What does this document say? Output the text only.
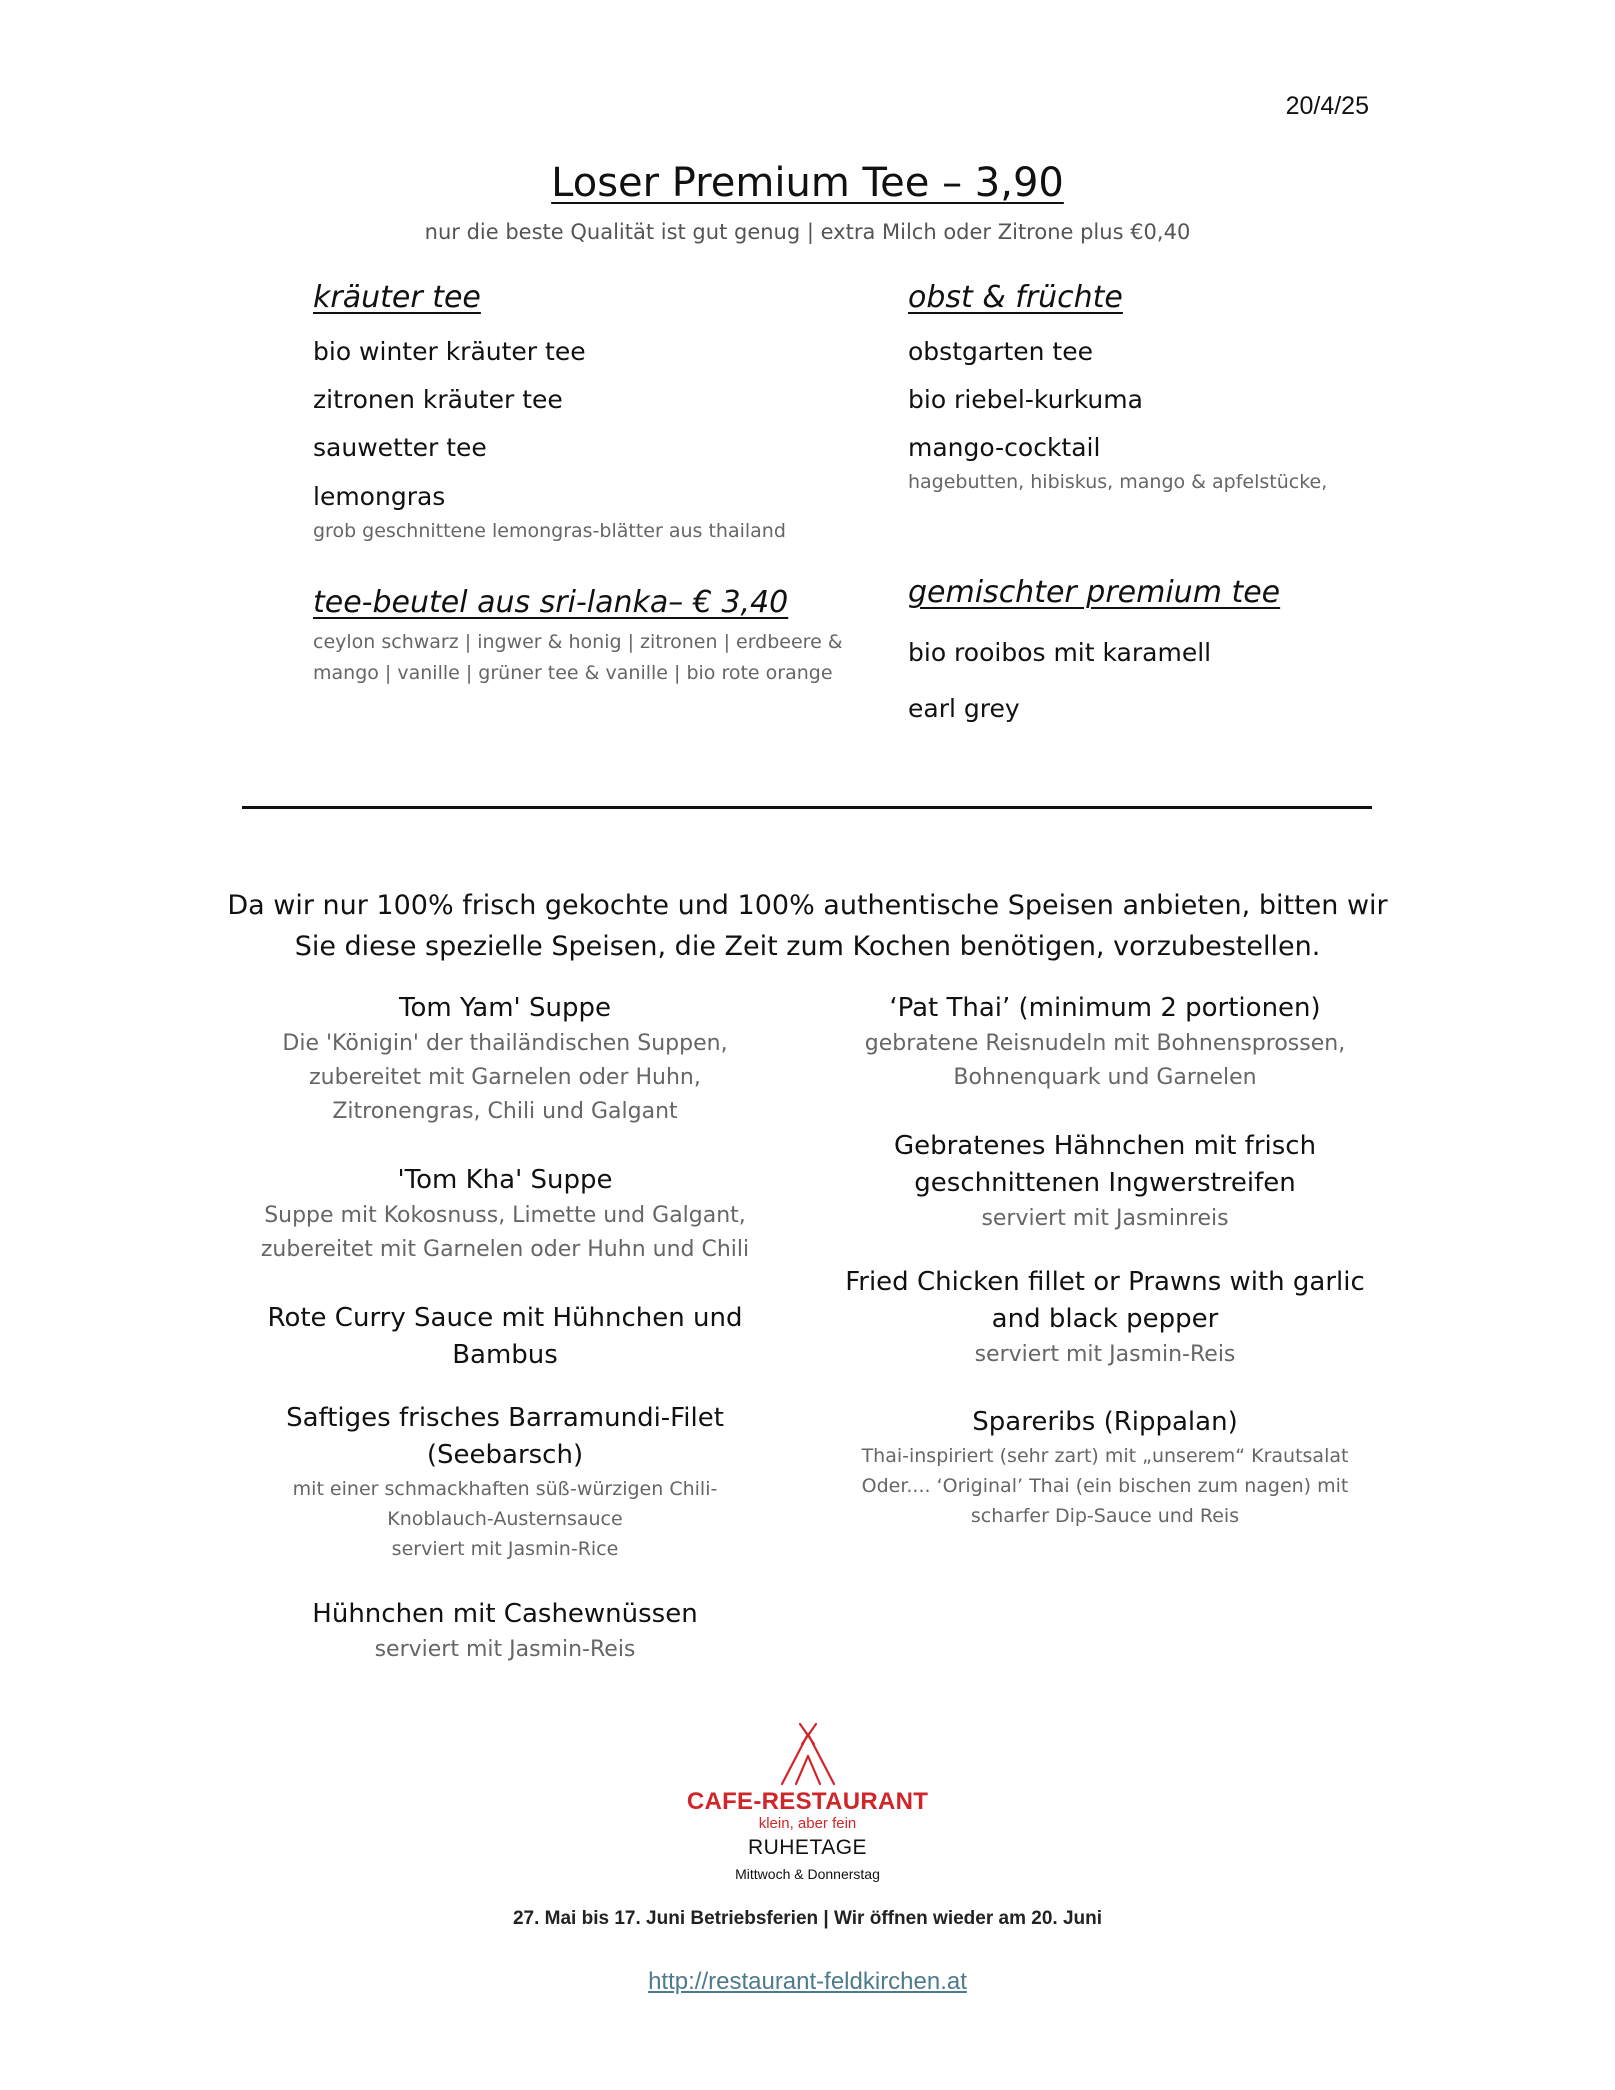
20/4/25
Loser Premium Tee – 3,90
nur die beste Qualität ist gut genug | extra Milch oder Zitrone plus €0,40
kräuter tee
bio winter kräuter tee
zitronen kräuter tee
sauwetter tee
lemongras
grob geschnittene lemongras-blätter aus thailand
obst & früchte
obstgarten tee
bio riebel-kurkuma
mango-cocktail
hagebutten, hibiskus, mango & apfelstücke,
tee-beutel aus sri-lanka– € 3,40
ceylon schwarz | ingwer & honig | zitronen | erdbeere &
mango | vanille | grüner tee & vanille | bio rote orange
gemischter premium tee
bio rooibos mit karamell
earl grey
Da wir nur 100% frisch gekochte und 100% authentische Speisen anbieten, bitten wir
Sie diese spezielle Speisen, die Zeit zum Kochen benötigen, vorzubestellen.
Tom Yam' Suppe
Die 'Königin' der thailändischen Suppen,
zubereitet mit Garnelen oder Huhn,
Zitronengras, Chili und Galgant
'Tom Kha' Suppe
Suppe mit Kokosnuss, Limette und Galgant,
zubereitet mit Garnelen oder Huhn und Chili
Rote Curry Sauce mit Hühnchen und
Bambus
Saftiges frisches Barramundi-Filet
(Seebarsch)
mit einer schmackhaften süß-würzigen Chili-
Knoblauch-Austernsauce
serviert mit Jasmin-Rice
Hühnchen mit Cashewnüssen
serviert mit Jasmin-Reis
‘Pat Thai’ (minimum 2 portionen)
gebratene Reisnudeln mit Bohnensprossen,
Bohnenquark und Garnelen
Gebratenes Hähnchen mit frisch
geschnittenen Ingwerstreifen
serviert mit Jasminreis
Fried Chicken fillet or Prawns with garlic
and black pepper
serviert mit Jasmin-Reis
Spareribs (Rippalan)
Thai-inspiriert (sehr zart) mit „unserem“ Krautsalat
Oder.... ‘Original’ Thai (ein bischen zum nagen) mit
scharfer Dip-Sauce und Reis
CAFE-RESTAURANT
klein, aber fein
RUHETAGE
Mittwoch & Donnerstag
27. Mai bis 17. Juni Betriebsferien | Wir öffnen wieder am 20. Juni
http://restaurant-feldkirchen.at
